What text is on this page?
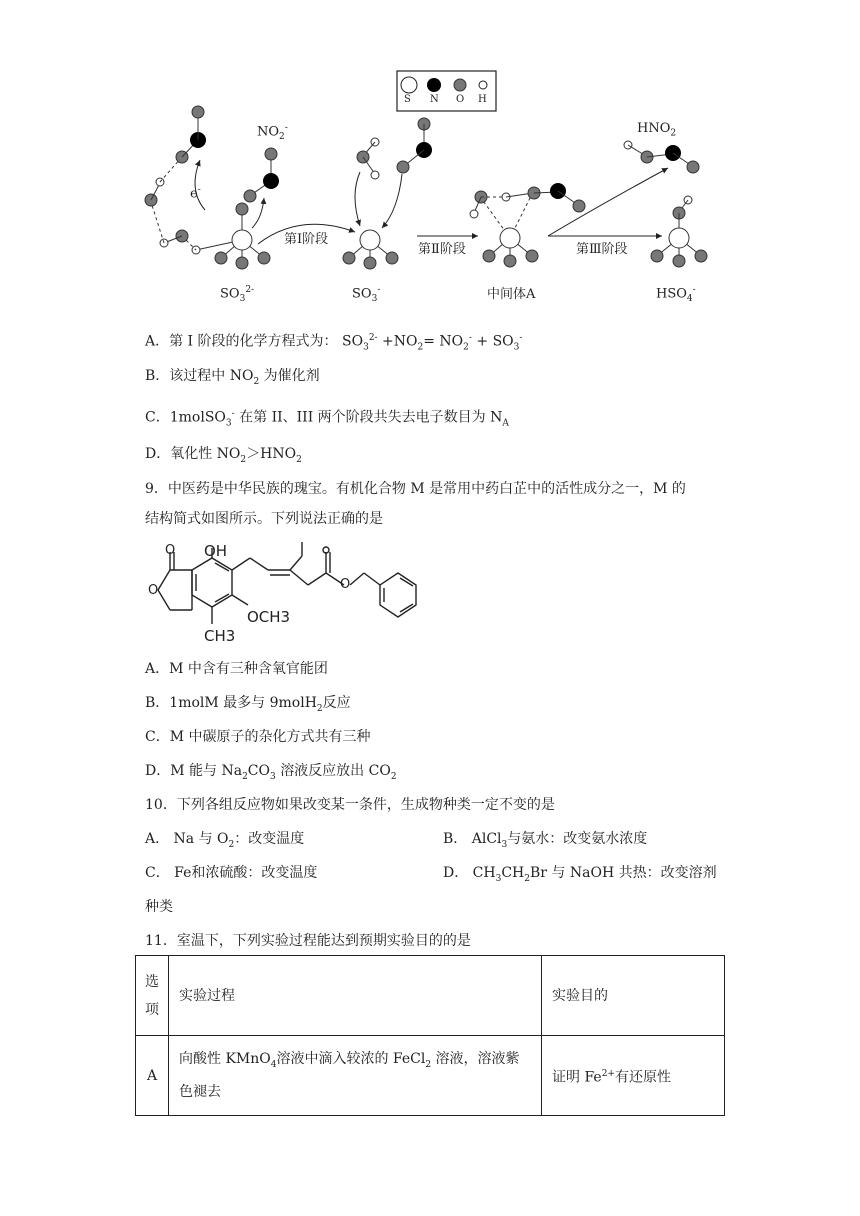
S N O H
$NO_2^-$
e-
第Ⅰ阶段
第Ⅱ阶段	第Ⅲ阶段
$HNO_2$
$SO_3^{2-}$	$SO_3^-$	中间体A	$HSO_4^-$
A．第 I 阶段的化学方程式为： $SO_3^{2-} +NO_2= NO_2^- + SO_3^-$
B．该过程中 $NO_2$ 为催化剂
C．1molSO$_3$- 在第 II、III 两个阶段共失去电子数目为 $N_A$
D．氧化性 $NO_2>HNO_2$
9．中医药是中华民族的瑰宝。有机化合物 M 是常用中药白芷中的活性成分之一，M 的
结构简式如图所示。下列说法正确的是
O
O
OH
OCH3
CH3
O
A．M 中含有三种含氧官能团
B．1molM 最多与 9molH$_2$反应
C．M 中碳原子的杂化方式共有三种
D．M 能与 $Na_2CO_3$ 溶液反应放出 $CO_2$
10．下列各组反应物如果改变某一条件，生成物种类一定不变的是
A． Na 与 $O_2$：改变温度	B． AlCl$_3$与氨水：改变氨水浓度
C． Fe和浓硫酸：改变温度	D． $CH_3CH_2Br$ 与 NaOH 共热：改变溶剂
种类
11．室温下，下列实验过程能达到预期实验目的的是
选
项	实验过程	实验目的
A	向酸性 KMnO$_4$溶液中滴入较浓的 FeCl$_2$ 溶液，溶液紫
色褪去	证明 $Fe^{2+}$有还原性
